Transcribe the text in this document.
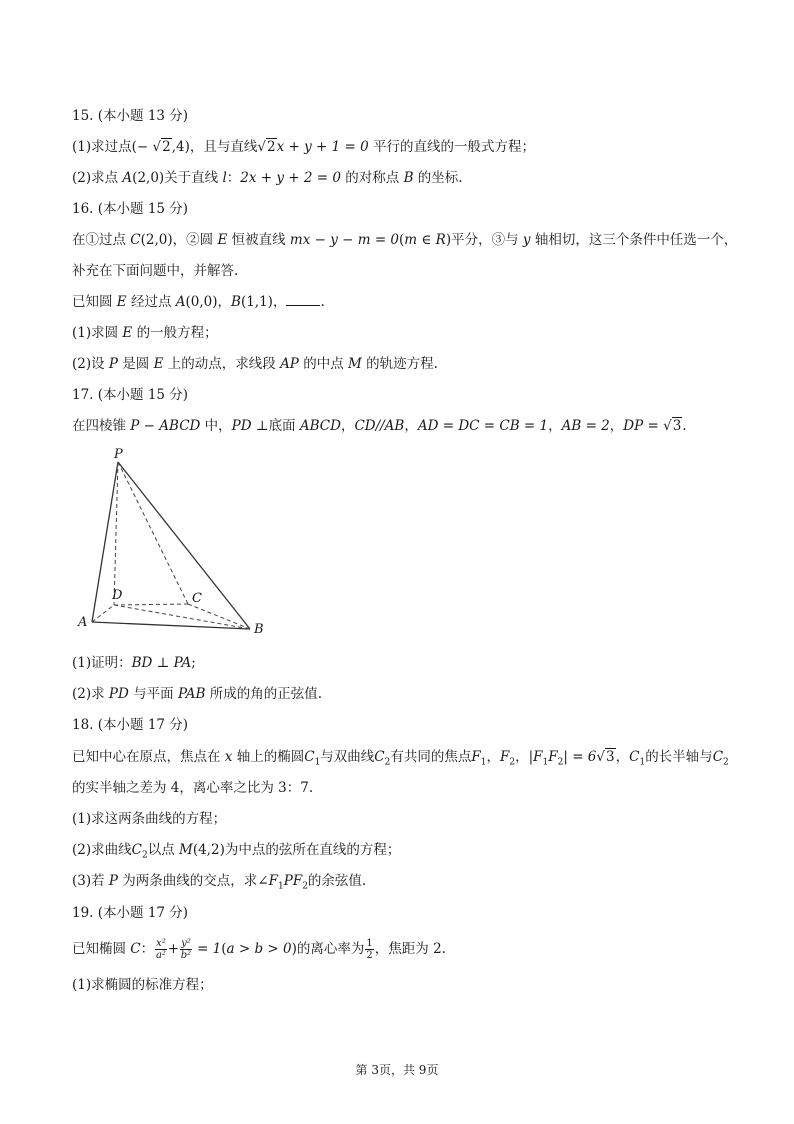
15. (本小题 13 分)
(1)求过点(− √2,4)，且与直线√2x + y + 1 = 0 平行的直线的一般式方程；
(2)求点 A(2,0)关于直线 l：2x + y + 2 = 0 的对称点 B 的坐标.
16. (本小题 15 分)
在①过点 C(2,0)，②圆 E 恒被直线 mx − y − m = 0(m ∈ R)平分，③与 y 轴相切，这三个条件中任选一个，
补充在下面问题中，并解答.
已知圆 E 经过点 A(0,0)，B(1,1)，	.
(1)求圆 E 的一般方程；
(2)设 P 是圆 E 上的动点，求线段 AP 的中点 M 的轨迹方程.
17. (本小题 15 分)
在四棱锥 P − ABCD 中，PD ⊥底面 ABCD，CD//AB，AD = DC = CB = 1，AB = 2，DP = √3.
P
A	B
C
D
(1)证明：BD ⊥ PA;
(2)求 PD 与平面 PAB 所成的角的正弦值.
18. (本小题 17 分)
已知中心在原点，焦点在 x 轴上的椭圆$C_1$与双曲线$C_2$有共同的焦点$F_1$，$F_2$，$|F_1F_2| = 6√3$，$C_1$的长半轴与$C_2$
的实半轴之差为 4，离心率之比为 3：7.
(1)求这两条曲线的方程；
(2)求曲线$C_2$以点 M(4,2)为中点的弦所在直线的方程；
(3)若 P 为两条曲线的交点，求$\angle F_1PF_2$的余弦值.
19. (本小题 17 分)
已知椭圆 C： $\frac{\text{x²}}{\text{a²}} + \frac{\text{y²}}{\text{b²}} = 1(a > b > 0)$的离心率为 $\frac{1}{2}$ ，焦距为 2.
(1)求椭圆的标准方程；
第 3页，共 9页
